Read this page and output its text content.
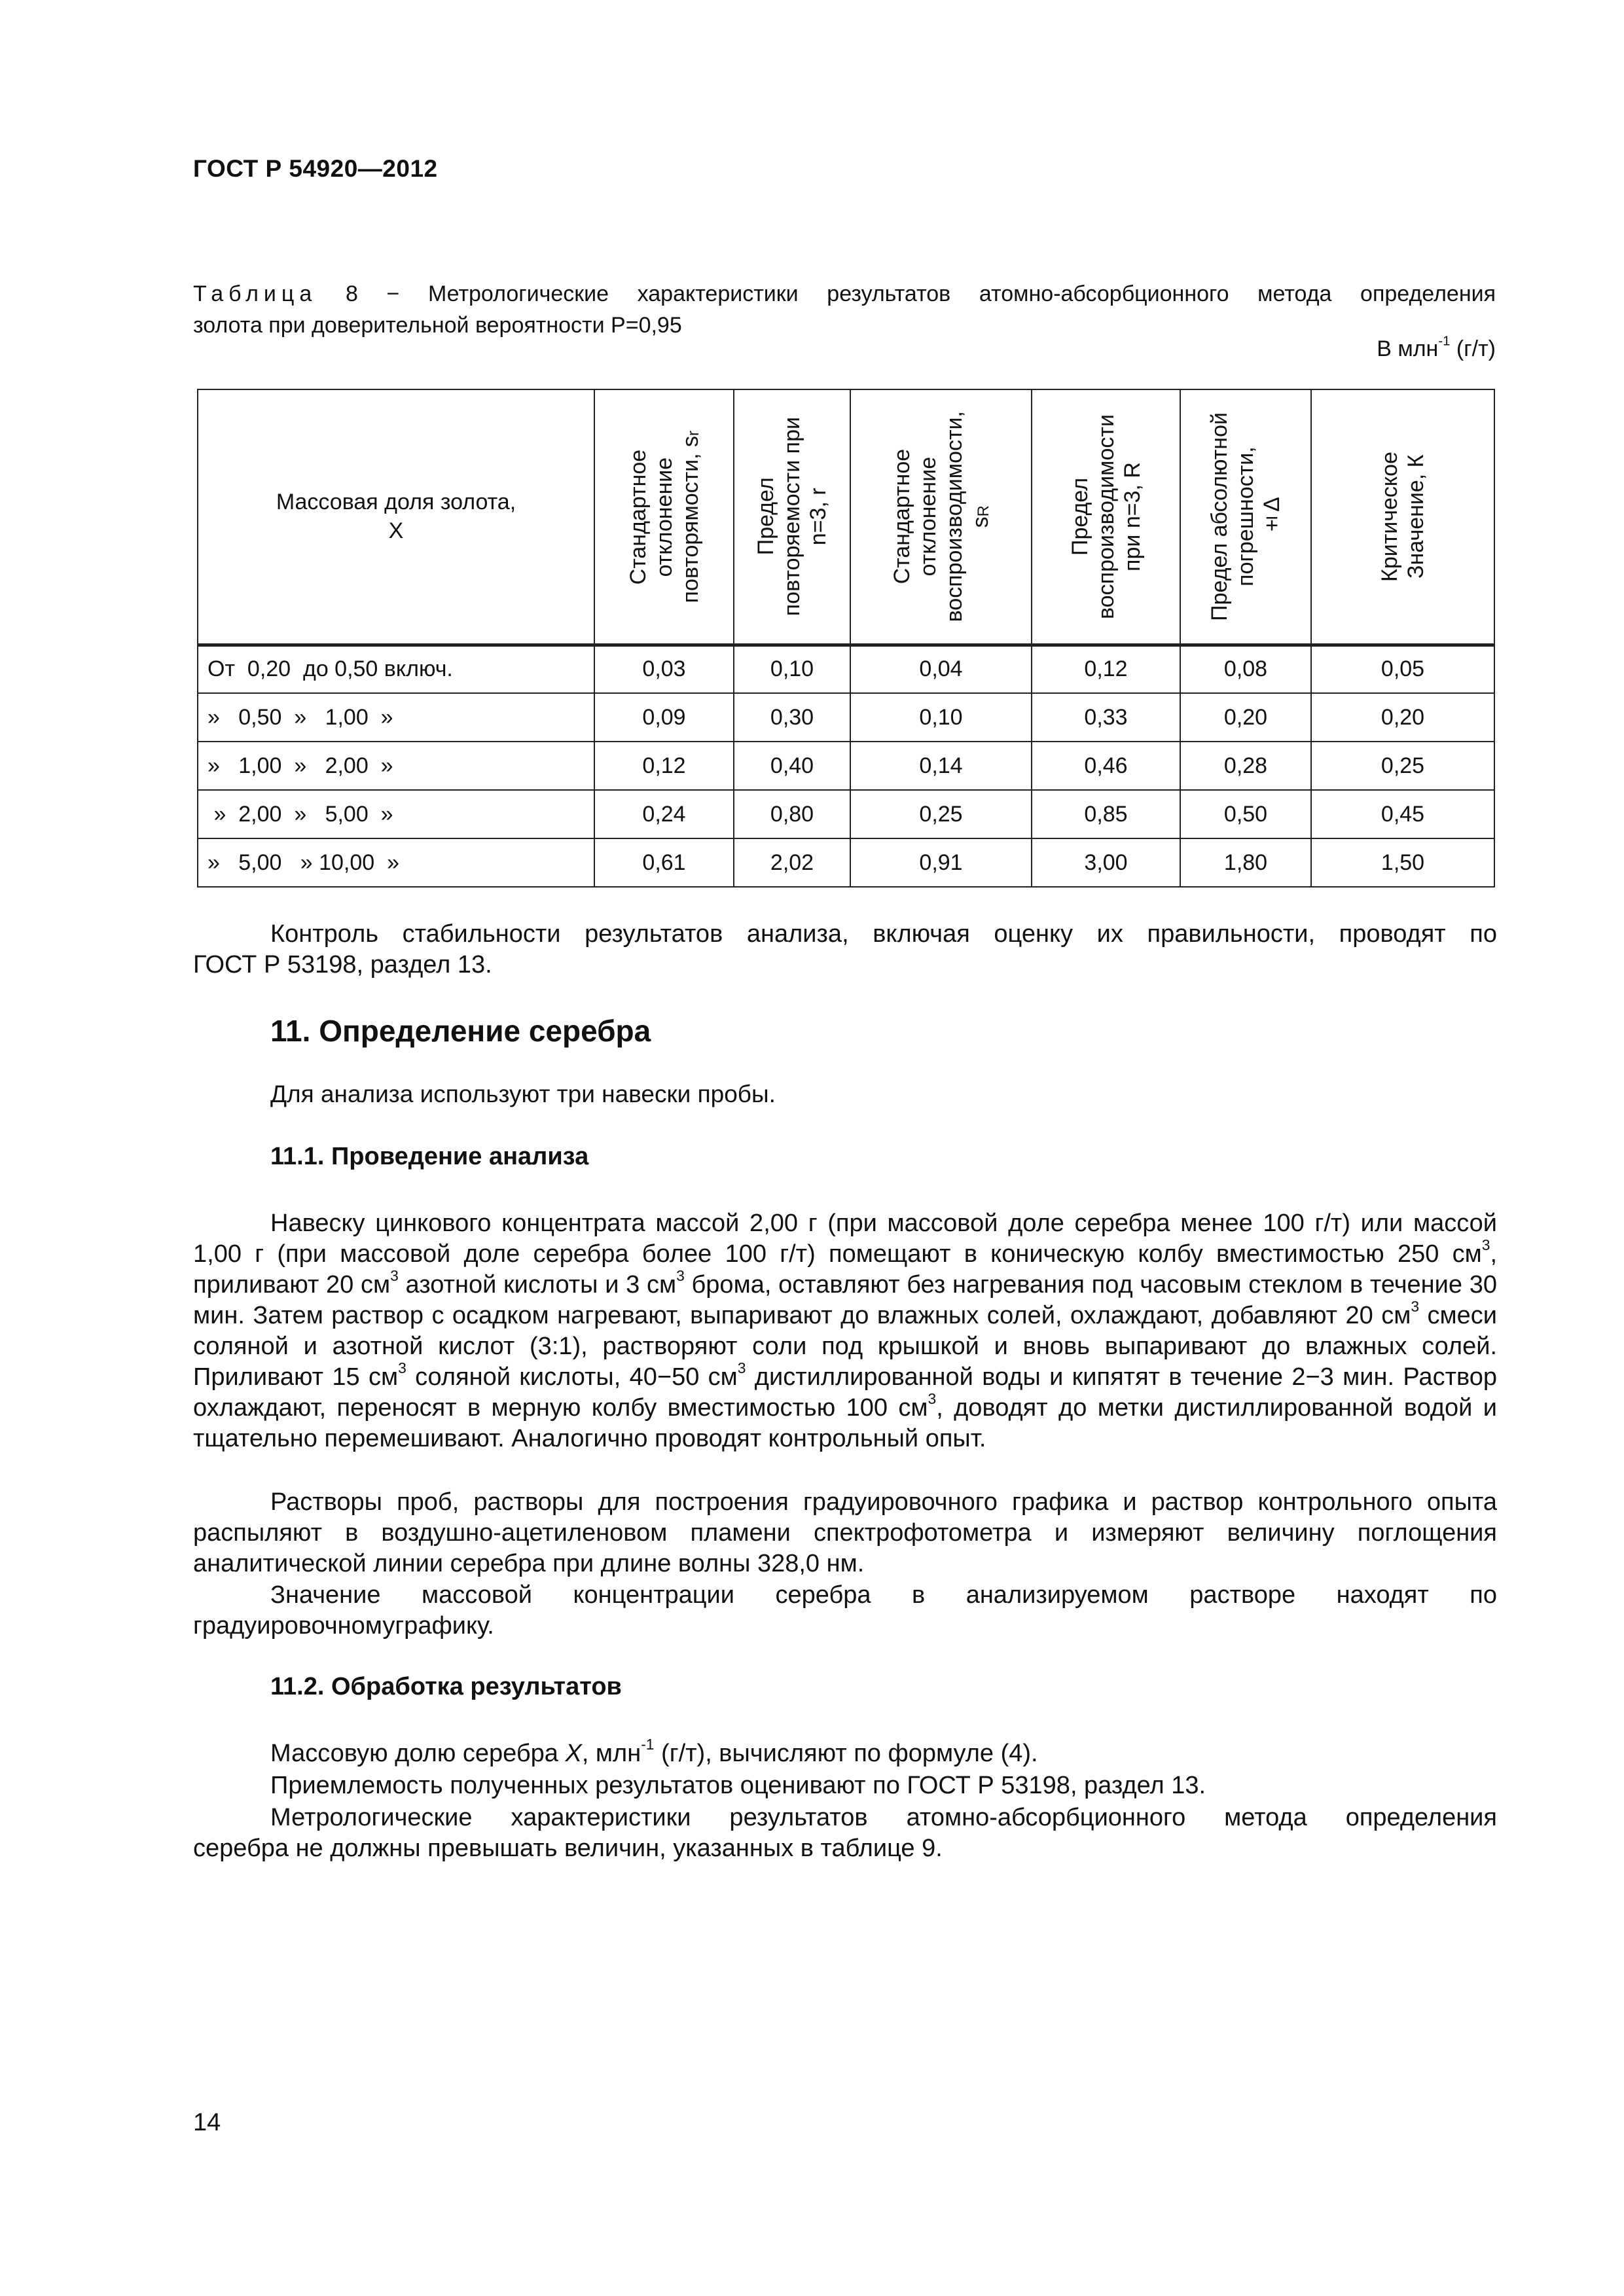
ГОСТ Р 54920—2012
Таблица 8 − Метрологические характеристики результатов атомно-абсорбционного метода определения
золота при доверительной вероятности P=0,95
В млн$^{-1}$ (г/т)
Массовая доля золота,
X	Стандартное
отклонение
повторямости, $s_r$	Предел
повторяемости при
n=3, r	Стандартное
отклонение
воспроизводимости,
$s_R$	Предел
воспроизводимости
при n=3, R	Предел абсолютной
погрешности,
±Δ	Критическое
Значение, К

От  0,20  до 0,50 включ.	0,03	0,10	0,04	0,12	0,08	0,05
»   0,50  »   1,00  »	0,09	0,30	0,10	0,33	0,20	0,20
»   1,00  »   2,00  »	0,12	0,40	0,14	0,46	0,28	0,25
»  2,00  »   5,00  »	0,24	0,80	0,25	0,85	0,50	0,45
»   5,00   » 10,00  »	0,61	2,02	0,91	3,00	1,80	1,50
Контроль стабильности результатов анализа, включая оценку их правильности, проводят по
ГОСТ Р 53198, раздел 13.
11. Определение серебра
Для анализа используют три навески пробы.
11.1. Проведение анализа
Навеску цинкового концентрата массой 2,00 г (при массовой доле серебра менее 100 г/т) или массой 1,00 г (при массовой доле серебра более 100 г/т) помещают в коническую колбу вместимостью 250 $см^3$, приливают 20 $см^3$ азотной кислоты и 3 $см^3$ брома, оставляют без нагревания под часовым стеклом в течение 30 мин. Затем раствор с осадком нагревают, выпаривают до влажных солей, охлаждают, добавляют 20 $см^3$ смеси соляной и азотной кислот (3:1), растворяют соли под крышкой и вновь выпаривают до влажных солей. Приливают 15 $см^3$ соляной кислоты, 40−50 $см^3$ дистиллированной воды и кипятят в течение 2−3 мин. Раствор охлаждают, переносят в мерную колбу вместимостью 100 $см^3$, доводят до метки дистиллированной водой и тщательно перемешивают. Аналогично проводят контрольный опыт.
Растворы проб, растворы для построения градуировочного графика и раствор контрольного опыта распыляют в воздушно-ацетиленовом пламени спектрофотометра и измеряют величину поглощения аналитической линии серебра при длине волны 328,0 нм.
Значение массовой концентрации серебра в анализируемом растворе находят по градуировочномуграфику.
11.2. Обработка результатов
Массовую долю серебра X, млн$^{-1}$ (г/т), вычисляют по формуле (4).
Приемлемость полученных результатов оценивают по ГОСТ Р 53198, раздел 13.
Метрологические характеристики результатов атомно-абсорбционного метода определения
серебра не должны превышать величин, указанных в таблице 9.
14
